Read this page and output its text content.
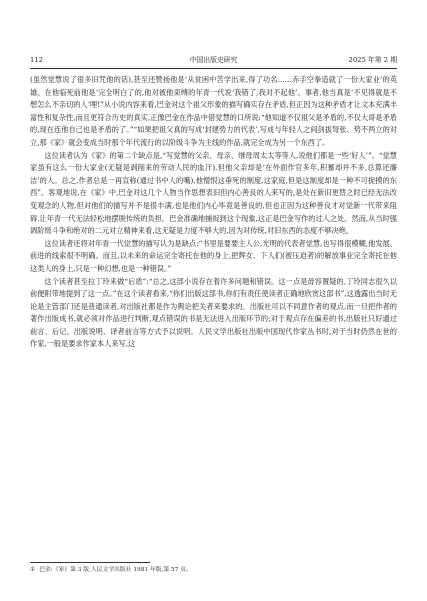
112	中国出版史研究	2025 年第 2 期

(虽然觉慧说了很多旧咒他的话),甚至还赞扬他是‘从贫困中苦学出来,得了功名……赤手空拳造就了一份大家业’的英雄。在他临死前他是‘完全明白了的,他对被他束缚的年青一代说‘我错了,我对不起他’。事者,他当真是‘不见得就是不想怎么不亲切的人’哩!”从小说内容来看,巴金对这个祖父形象的描写确实存在矛盾,但正因为这种矛盾才让文本充满丰富性和复杂性,而且更符合历史的真实,正像巴金在作品中借觉慧的口所说:“他知道不仅祖父是矛盾的,不仅大哥是矛盾的,现在连他自己也是矛盾的了。”“如果把祖父真的写成‘封建势力的代表’,写成与年轻人之间剑拔弩张、势不两立的对立,那《家》就会变成当时那个年代流行的以阶级斗争为主线的作品,就完全成为另一个东西了。

这位读者认为《家》的第二个缺点是,“写觉慧的父亲、母亲、继母周太太等等人,说他们都是一些‘好人’”。“觉慧家虽有这么一份大家业(无疑是剥削来的劳动人民的血汗),但他父亲却是‘在外面作官多年,积蓄却并不多,总算还廉洁’的人。总之,作者总是一再宣称(通过书中人的嘴),他憎恨这垂死的制度,这家庭,但是这制度却是一种不可捉摸的东西”。客观地说,在《家》中,巴金对这几个人物当作思想表旧但内心善良的人来写的,是处在新旧更替之时已经无法改变观念的人物,但对他们的描写并不是很丰满,也是他们内心毕竟是善良的,但也正因为这种善良才对觉新一代带来阻碍,让年青一代无法轻松地摆脱传统的负担。巴金准确地捕捉到这个现象,这正是巴金写作的过人之处。然而,从当时强调阶级斗争和绝对的二元对立精神来看,这无疑是力度不够大的,因为对传统,对旧东西的态度不够决绝。

这位读者还将对年青一代觉慧的描写认为是缺点:“书里是要要主人公,光明的代表者觉慧,也写得很模糊,他发展、前进的线索很不明确。而且,以未来的命运完全寄托在他的身上,把辉女、下人们(被压迫者)的解放事业完全寄托在他这类人的身上,只是一种幻想,也是一种错误。”

这个读者甚至拉丁玲来做“后盾”:“总之,这部小说存在着许多问题和错误。这一点是毋容置疑的,丁玲同志很久以前便附带地提到了这一点。”在这个读者看来,“你们出版这部书,你们有责任使读者正确地欣赏这部书”,这透露出当时无论是主管部门还是普通读者,对出版社都是作为舆论把关者来要求的。出版社可以不同意作者的观点,而一旦把作者的著作出版成书,就必须对作品进行判断,观点错误的书是无法进入出版环节的;对于观点存在偏差的书,出版社只好通过前言、后记、出版说明、译者前言等方式予以说明。人民文学出版社出版中国现代作家丛书时,对于当时仍然在世的作家,一般是要求作家本人来写,这

① 巴金:《家》第 3 版,人民文学出版社 1981 年版,第 57 页。
